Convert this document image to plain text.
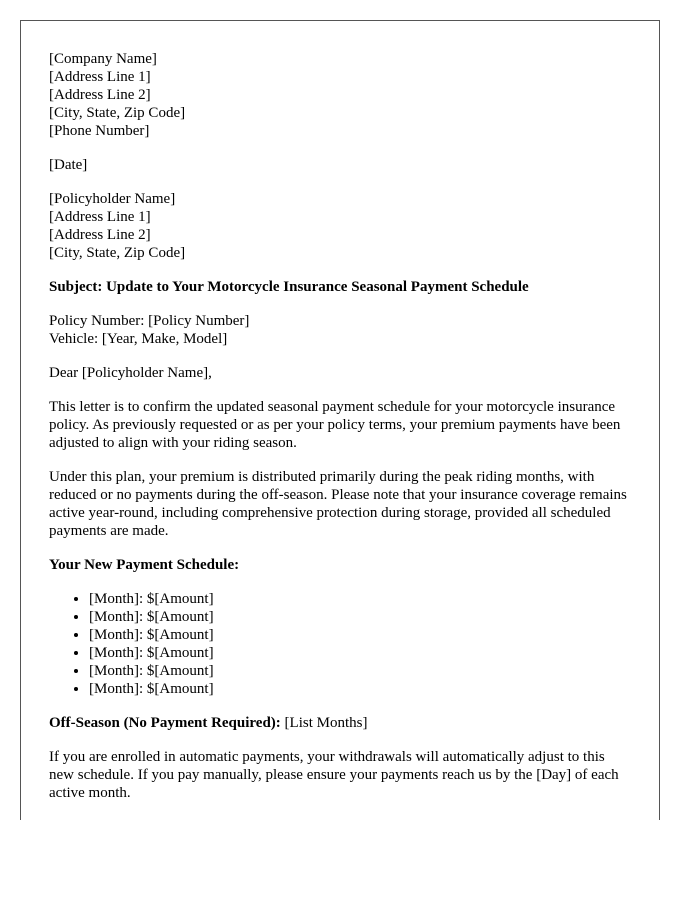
[Company Name]
[Address Line 1]
[Address Line 2]
[City, State, Zip Code]
[Phone Number]
[Date]
[Policyholder Name]
[Address Line 1]
[Address Line 2]
[City, State, Zip Code]
Subject: Update to Your Motorcycle Insurance Seasonal Payment Schedule
Policy Number: [Policy Number]
Vehicle: [Year, Make, Model]

Dear [Policyholder Name],

This letter is to confirm the updated seasonal payment schedule for your motorcycle insurance policy. As previously requested or as per your policy terms, your premium payments have been adjusted to align with your riding season.

Under this plan, your premium is distributed primarily during the peak riding months, with reduced or no payments during the off-season. Please note that your insurance coverage remains active year-round, including comprehensive protection during storage, provided all scheduled payments are made.

Your New Payment Schedule:
• [Month]: $[Amount]
• [Month]: $[Amount]
• [Month]: $[Amount]
• [Month]: $[Amount]
• [Month]: $[Amount]
• [Month]: $[Amount]

Off-Season (No Payment Required): [List Months]

If you are enrolled in automatic payments, your withdrawals will automatically adjust to this new schedule. If you pay manually, please ensure your payments reach us by the [Day] of each active month.
